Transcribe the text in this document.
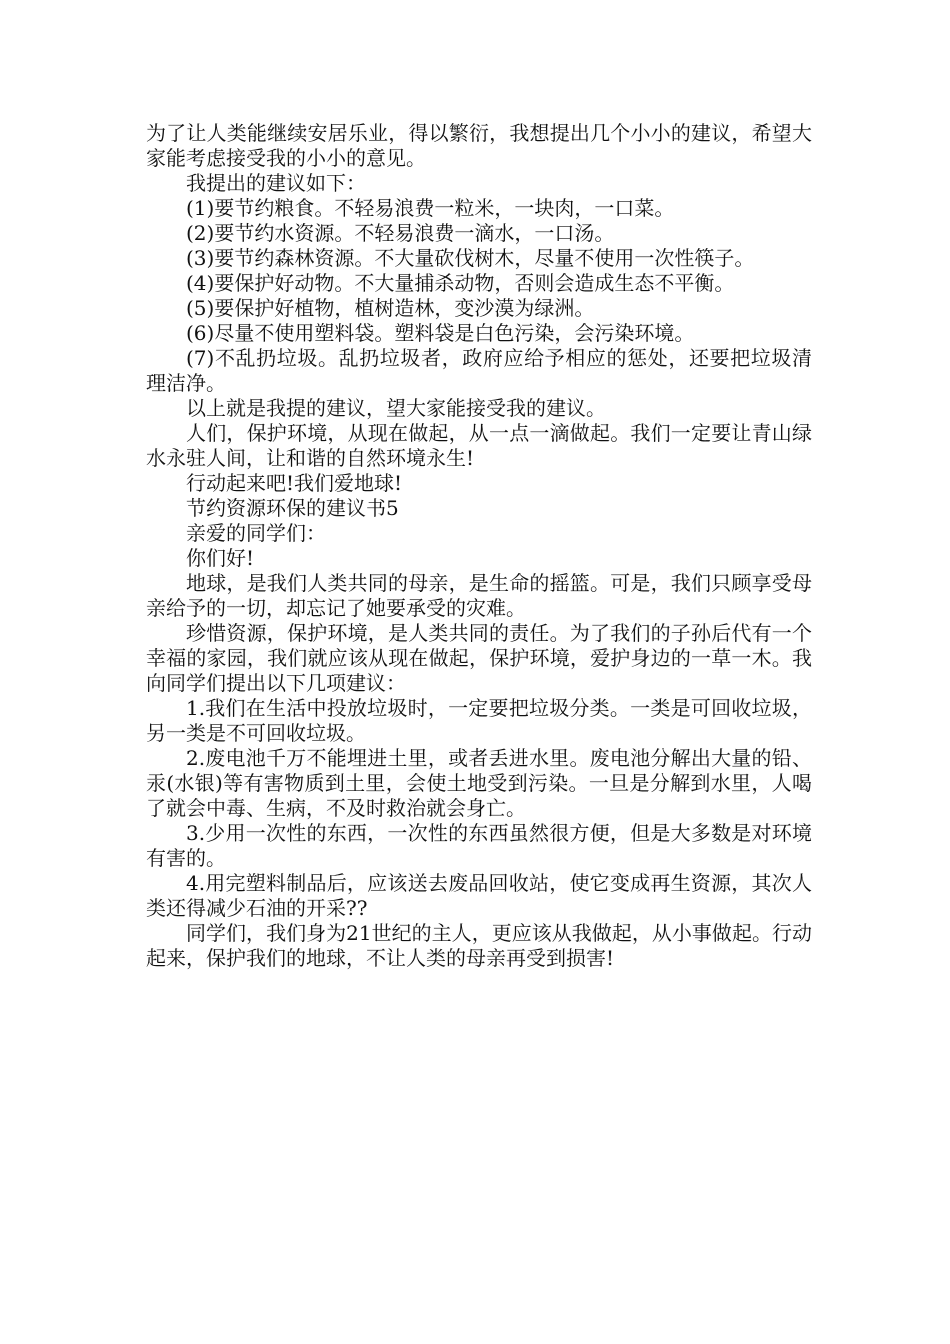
为了让人类能继续安居乐业，得以繁衍，我想提出几个小小的建议，希望大家能考虑接受我的小小的意见。

我提出的建议如下：

(1)要节约粮食。不轻易浪费一粒米，一块肉，一口菜。

(2)要节约水资源。不轻易浪费一滴水，一口汤。

(3)要节约森林资源。不大量砍伐树木，尽量不使用一次性筷子。

(4)要保护好动物。不大量捕杀动物，否则会造成生态不平衡。

(5)要保护好植物，植树造林，变沙漠为绿洲。

(6)尽量不使用塑料袋。塑料袋是白色污染，会污染环境。

(7)不乱扔垃圾。乱扔垃圾者，政府应给予相应的惩处，还要把垃圾清理洁净。

以上就是我提的建议，望大家能接受我的建议。

人们，保护环境，从现在做起，从一点一滴做起。我们一定要让青山绿水永驻人间，让和谐的自然环境永生!

行动起来吧!我们爱地球!

节约资源环保的建议书5

亲爱的同学们：

你们好!

地球，是我们人类共同的母亲，是生命的摇篮。可是，我们只顾享受母亲给予的一切，却忘记了她要承受的灾难。

珍惜资源，保护环境，是人类共同的责任。为了我们的子孙后代有一个幸福的家园，我们就应该从现在做起，保护环境，爱护身边的一草一木。我向同学们提出以下几项建议：

1.我们在生活中投放垃圾时，一定要把垃圾分类。一类是可回收垃圾，另一类是不可回收垃圾。

2.废电池千万不能埋进土里，或者丢进水里。废电池分解出大量的铅、汞(水银)等有害物质到土里，会使土地受到污染。一旦是分解到水里，人喝了就会中毒、生病，不及时救治就会身亡。

3.少用一次性的东西，一次性的东西虽然很方便，但是大多数是对环境有害的。

4.用完塑料制品后，应该送去废品回收站，使它变成再生资源，其次人类还得减少石油的开采??

同学们，我们身为21世纪的主人，更应该从我做起，从小事做起。行动起来，保护我们的地球，不让人类的母亲再受到损害!
